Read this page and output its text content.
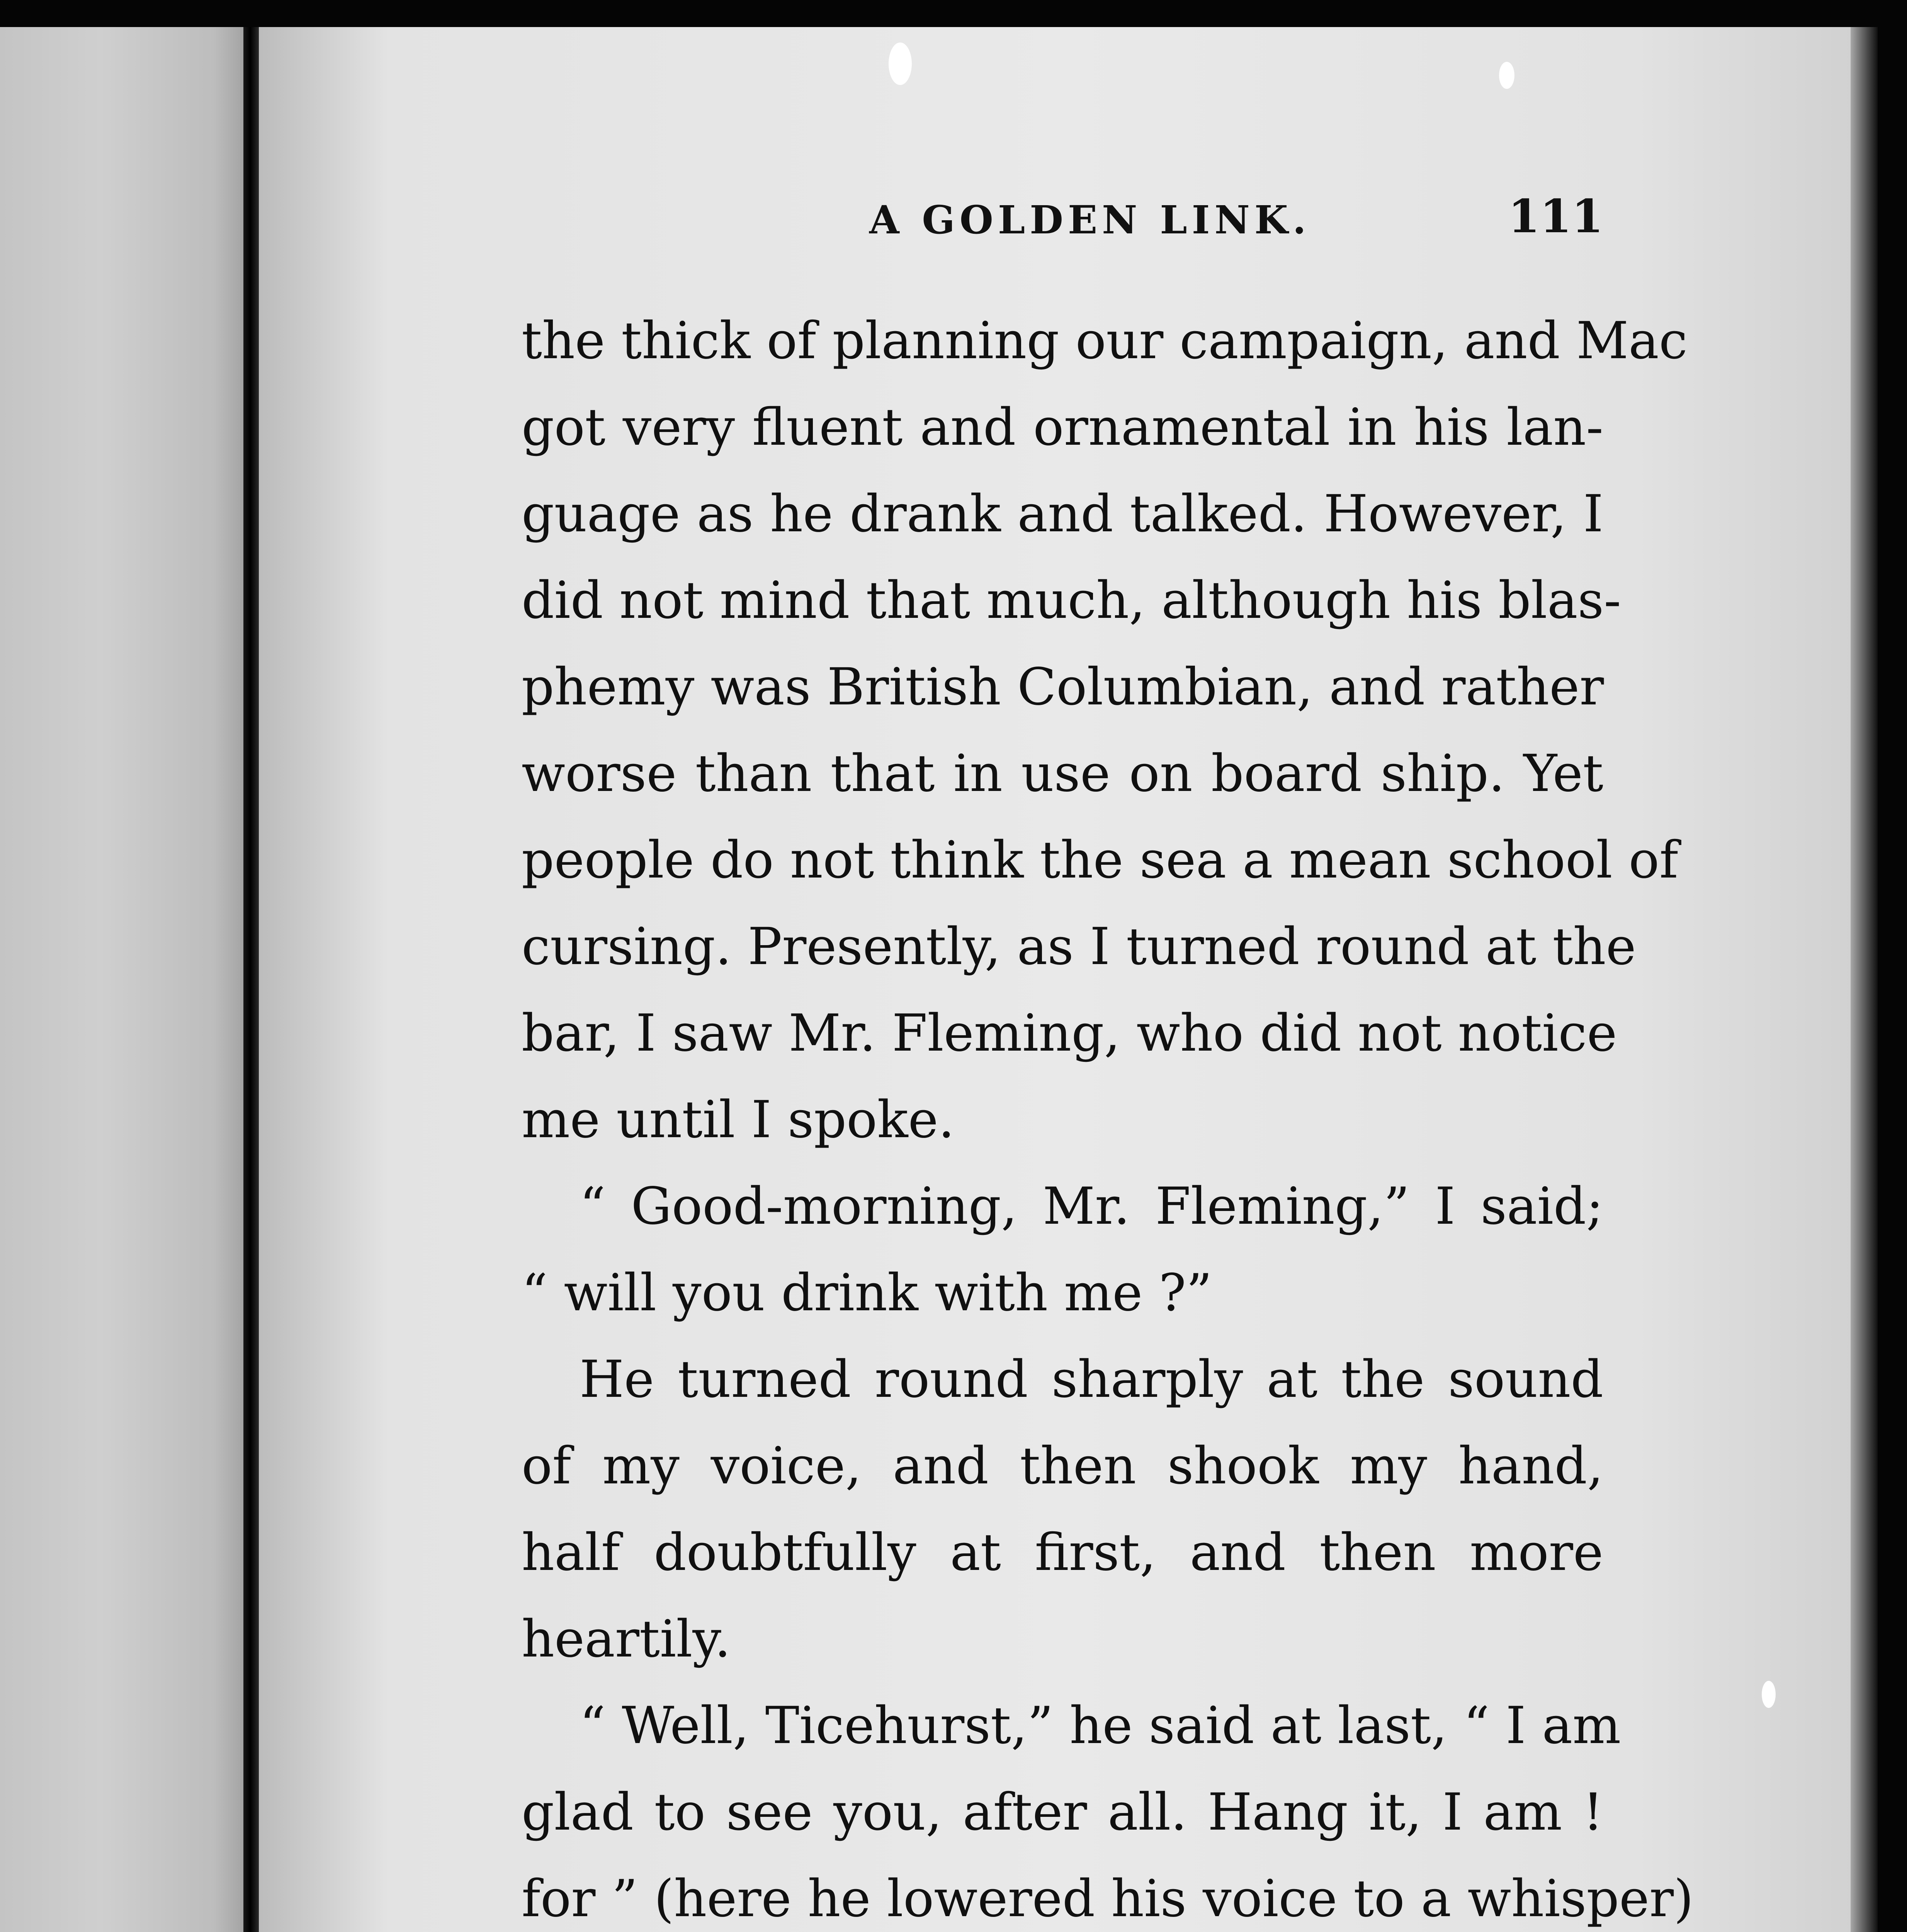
A GOLDEN LINK.	111
the thick of planning our campaign, and Mac
got very fluent and ornamental in his lan-
guage as he drank and talked. However, I
did not mind that much, although his blas-
phemy was British Columbian, and rather
worse than that in use on board ship. Yet
people do not think the sea a mean school of
cursing. Presently, as I turned round at the
bar, I saw Mr. Fleming, who did not notice
me until I spoke.
“ Good-morning, Mr. Fleming,” I said;
“ will you drink with me ?”
He turned round sharply at the sound
of my voice, and then shook my hand,
half doubtfully at first, and then more
heartily.
“ Well, Ticehurst,” he said at last, “ I am
glad to see you, after all. Hang it, I am !
for ” (here he lowered his voice to a whisper)
